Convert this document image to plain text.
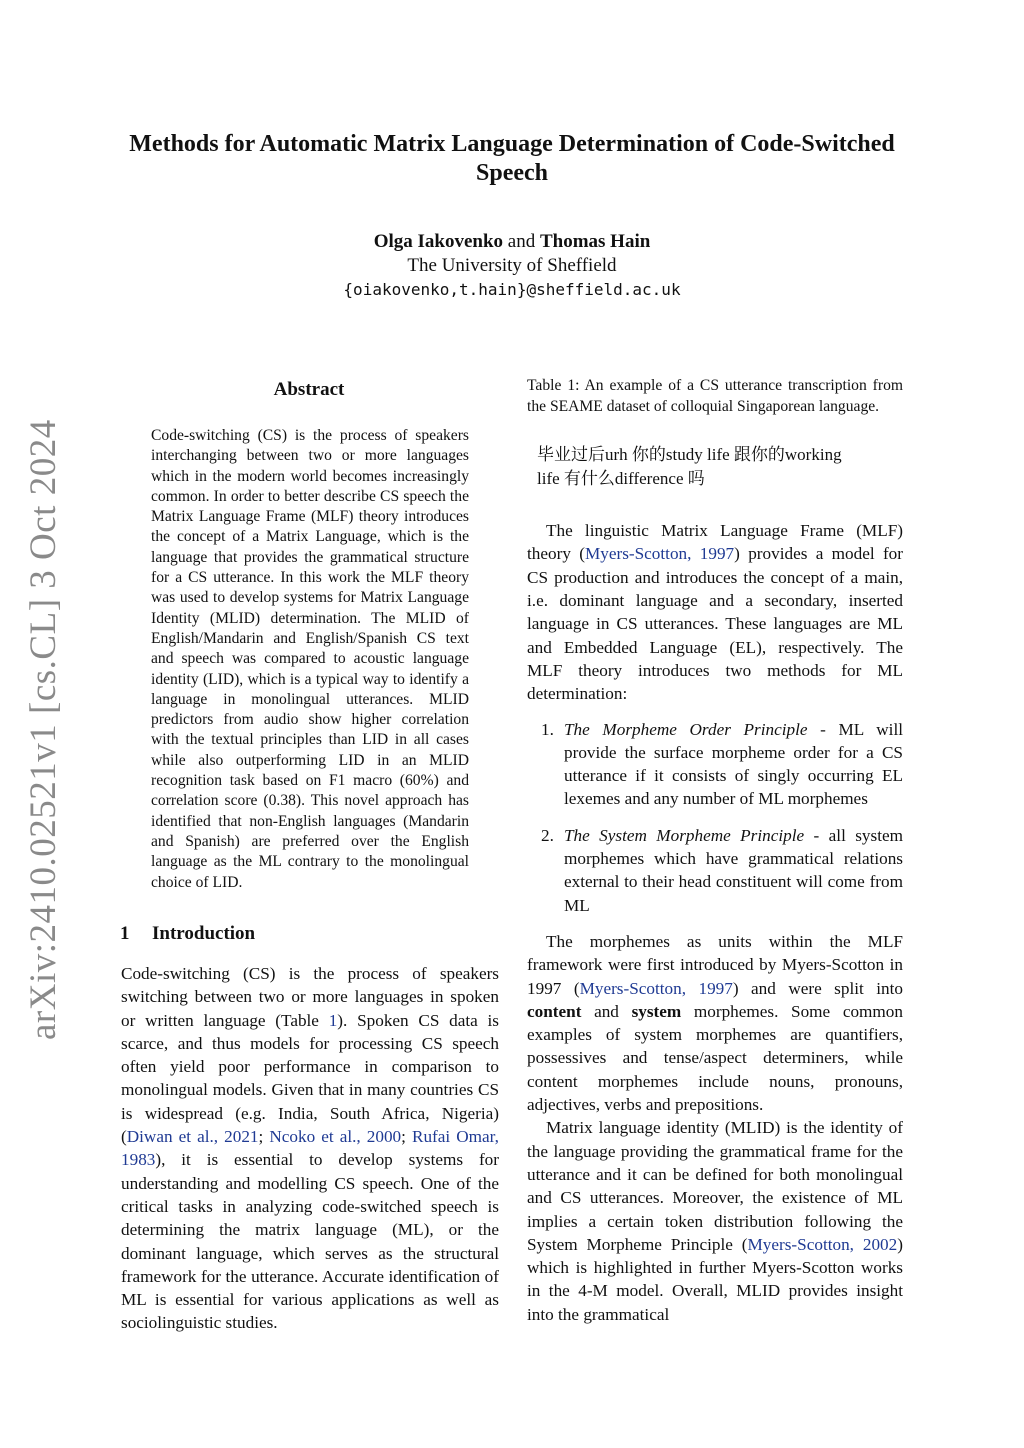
arXiv:2410.02521v1 [cs.CL] 3 Oct 2024
Methods for Automatic Matrix Language Determination of Code-Switched Speech
Olga Iakovenko and Thomas Hain
The University of Sheffield
{oiakovenko,t.hain}@sheffield.ac.uk
Abstract

Code-switching (CS) is the process of speakers interchanging between two or more languages which in the modern world becomes increasingly common. In order to better describe CS speech the Matrix Language Frame (MLF) theory introduces the concept of a Matrix Language, which is the language that provides the grammatical structure for a CS utterance. In this work the MLF theory was used to develop systems for Matrix Language Identity (MLID) determination. The MLID of English/Mandarin and English/Spanish CS text and speech was compared to acoustic language identity (LID), which is a typical way to identify a language in monolingual utterances. MLID predictors from audio show higher correlation with the textual principles than LID in all cases while also outperforming LID in an MLID recognition task based on F1 macro (60%) and correlation score (0.38). This novel approach has identified that non-English languages (Mandarin and Spanish) are preferred over the English language as the ML contrary to the monolingual choice of LID.

1 Introduction

Code-switching (CS) is the process of speakers switching between two or more languages in spoken or written language (Table 1). Spoken CS data is scarce, and thus models for processing CS speech often yield poor performance in comparison to monolingual models. Given that in many countries CS is widespread (e.g. India, South Africa, Nigeria) (Diwan et al., 2021; Ncoko et al., 2000; Rufai Omar, 1983), it is essential to develop systems for understanding and modelling CS speech. One of the critical tasks in analyzing code-switched speech is determining the matrix language (ML), or the dominant language, which serves as the structural framework for the utterance. Accurate identification of ML is essential for various applications as well as sociolinguistic studies.

Table 1: An example of a CS utterance transcription from the SEAME dataset of colloquial Singaporean language.
毕业过后urh 你的study life 跟你的working
life 有什么difference 吗

The linguistic Matrix Language Frame (MLF) theory (Myers-Scotton, 1997) provides a model for CS production and introduces the concept of a main, i.e. dominant language and a secondary, inserted language in CS utterances. These languages are ML and Embedded Language (EL), respectively. The MLF theory introduces two methods for ML determination:

1. The Morpheme Order Principle - ML will provide the surface morpheme order for a CS utterance if it consists of singly occurring EL lexemes and any number of ML morphemes
2. The System Morpheme Principle - all system morphemes which have grammatical relations external to their head constituent will come from ML

The morphemes as units within the MLF framework were first introduced by Myers-Scotton in 1997 (Myers-Scotton, 1997) and were split into content and system morphemes. Some common examples of system morphemes are quantifiers, possessives and tense/aspect determiners, while content morphemes include nouns, pronouns, adjectives, verbs and prepositions.

Matrix language identity (MLID) is the identity of the language providing the grammatical frame for the utterance and it can be defined for both monolingual and CS utterances. Moreover, the existence of ML implies a certain token distribution following the System Morpheme Principle (Myers-Scotton, 2002) which is highlighted in further Myers-Scotton works in the 4-M model. Overall, MLID provides insight into the grammatical
